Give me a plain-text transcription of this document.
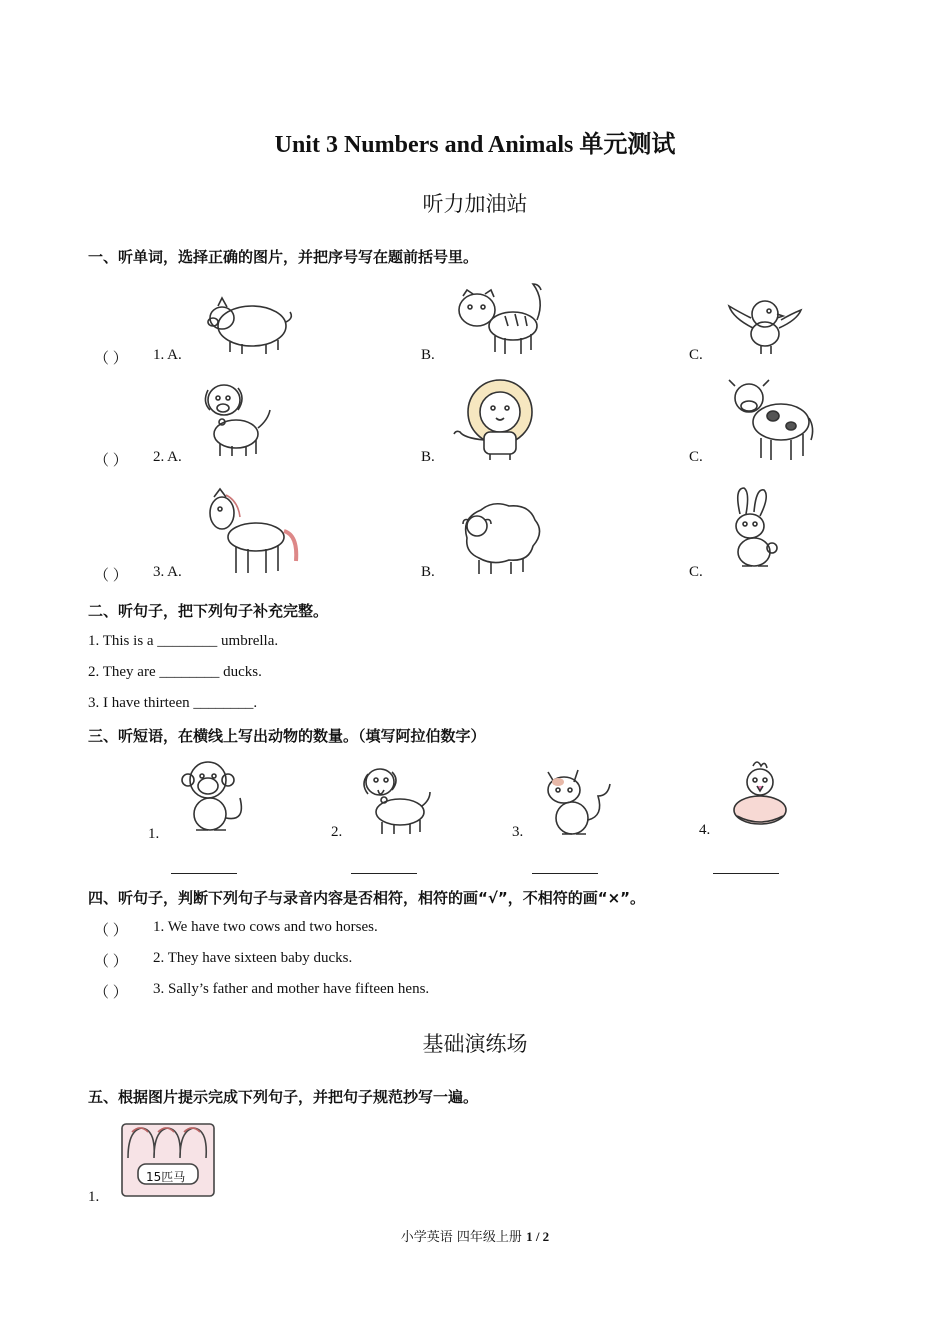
Unit 3 Numbers and Animals 单元测试
听力加油站
一、听单词，选择正确的图片，并把序号写在题前括号里。
（ ） 1. A.	B.	C.
（ ） 2. A.	B.	C.
（ ） 3. A.	B.	C.
二、听句子，把下列句子补充完整。
1. This is a ________ umbrella.
2. They are ________ ducks.
3. I have thirteen ________.
三、听短语，在横线上写出动物的数量。（填写阿拉伯数字）
1.	2.	3.	4.
四、听句子，判断下列句子与录音内容是否相符，相符的画“√”，不相符的画“×”。
（ ） 1. We have two cows and two horses.
（ ） 2. They have sixteen baby ducks.
（ ） 3. Sally’s father and mother have fifteen hens.
基础演练场
五、根据图片提示完成下列句子，并把句子规范抄写一遍。
1.
15匹马
小学英语 四年级上册 1 / 2
